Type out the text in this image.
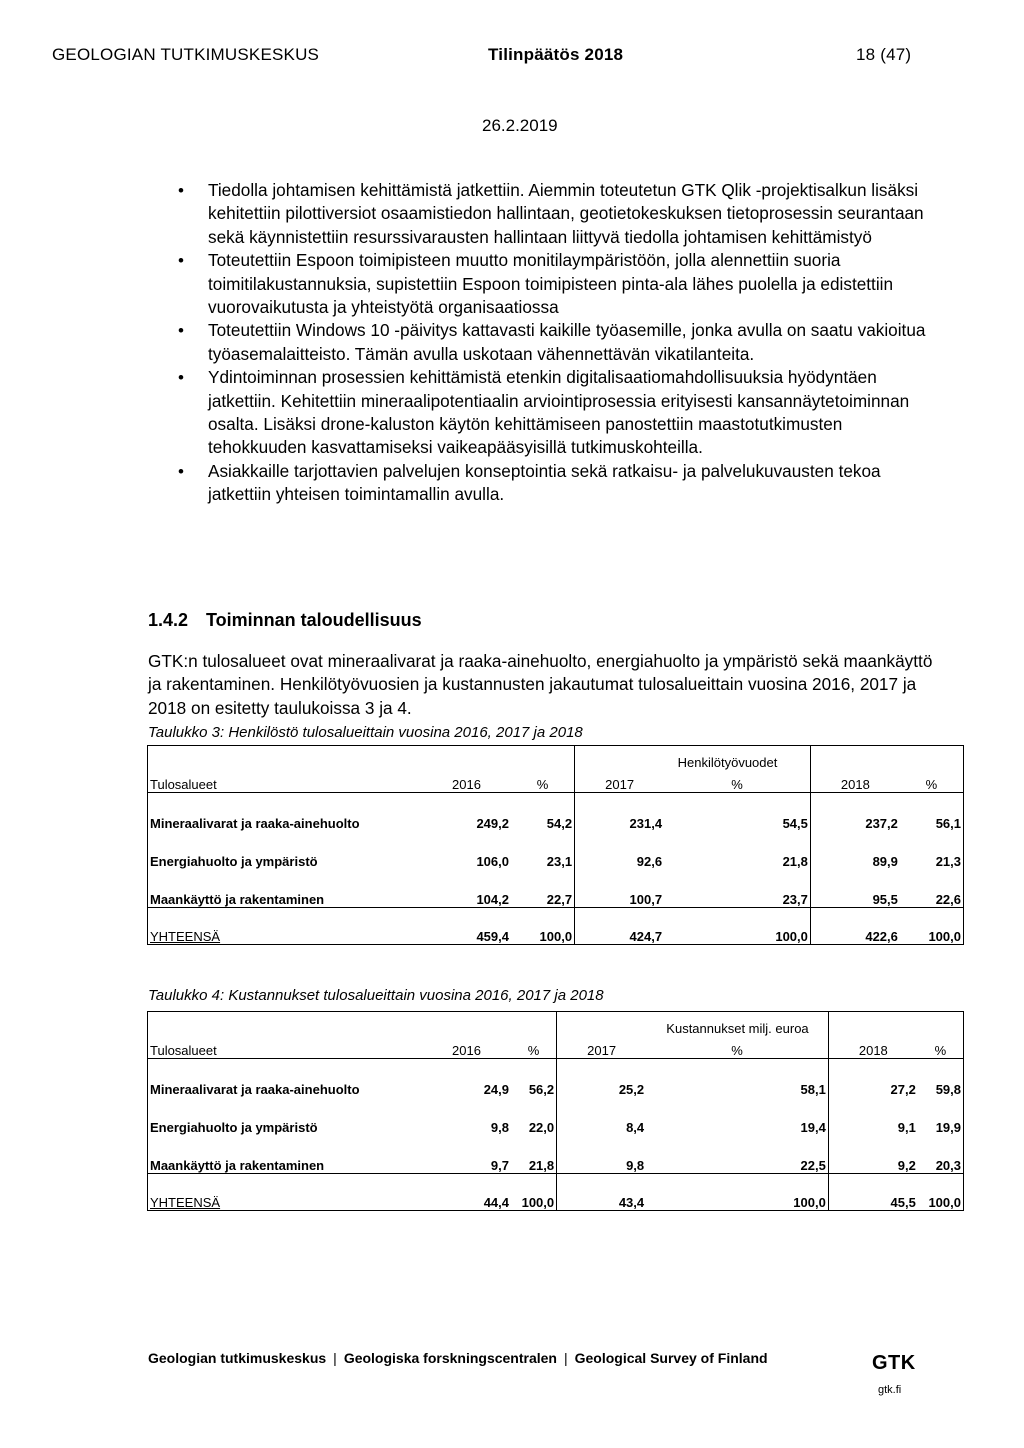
GEOLOGIAN TUTKIMUSKESKUS	Tilinpäätös 2018	18 (47)
26.2.2019
• Tiedolla johtamisen kehittämistä jatkettiin. Aiemmin toteutetun GTK Qlik -projektisalkun lisäksi kehitettiin pilottiversiot osaamistiedon hallintaan, geotietokeskuksen tietoprosessin seurantaan sekä käynnistettiin resurssivarausten hallintaan liittyvä tiedolla johtamisen kehittämistyö
• Toteutettiin Espoon toimipisteen muutto monitilaympäristöön, jolla alennettiin suoria toimitilakustannuksia, supistettiin Espoon toimipisteen pinta-ala lähes puolella ja edistettiin vuorovaikutusta ja yhteistyötä organisaatiossa
• Toteutettiin Windows 10 -päivitys kattavasti kaikille työasemille, jonka avulla on saatu vakioitua työasemalaitteisto. Tämän avulla uskotaan vähennettävän vikatilanteita.
• Ydintoiminnan prosessien kehittämistä etenkin digitalisaatiomahdollisuuksia hyödyntäen jatkettiin. Kehitettiin mineraalipotentiaalin arviointiprosessia erityisesti kansannäytetoiminnan osalta. Lisäksi drone-kaluston käytön kehittämiseen panostettiin maastotutkimusten tehokkuuden kasvattamiseksi vaikeapääsyisillä tutkimuskohteilla.
• Asiakkaille tarjottavien palvelujen konseptointia sekä ratkaisu- ja palvelukuvausten tekoa jatkettiin yhteisen toimintamallin avulla.
1.4.2 Toiminnan taloudellisuus

GTK:n tulosalueet ovat mineraalivarat ja raaka-ainehuolto, energiahuolto ja ympäristö sekä maankäyttö ja rakentaminen. Henkilötyövuosien ja kustannusten jakautumat tulosalueittain vuosina 2016, 2017 ja 2018 on esitetty taulukoissa 3 ja 4.

Taulukko 3: Henkilöstö tulosalueittain vuosina 2016, 2017 ja 2018

			Henkilötyövuodet			

Tulosalueet	2016	%	2017	%	2018	%
Mineraalivarat ja raaka-ainehuolto	249,2	54,2	231,4	54,5	237,2	56,1
Energiahuolto ja ympäristö	106,0	23,1	92,6	21,8	89,9	21,3
Maankäyttö ja rakentaminen	104,2	22,7	100,7	23,7	95,5	22,6
YHTEENSÄ	459,4	100,0	424,7	100,0	422,6	100,0
Taulukko 4: Kustannukset tulosalueittain vuosina 2016, 2017 ja 2018

			Kustannukset milj. euroa			

Tulosalueet	2016	%	2017	%	2018	%
Mineraalivarat ja raaka-ainehuolto	24,9	56,2	25,2	58,1	27,2	59,8
Energiahuolto ja ympäristö	9,8	22,0	8,4	19,4	9,1	19,9
Maankäyttö ja rakentaminen	9,7	21,8	9,8	22,5	9,2	20,3
YHTEENSÄ	44,4	100,0	43,4	100,0	45,5	100,0
Geologian tutkimuskeskus | Geologiska forskningscentralen | Geological Survey of Finland	GTK
gtk.fi
